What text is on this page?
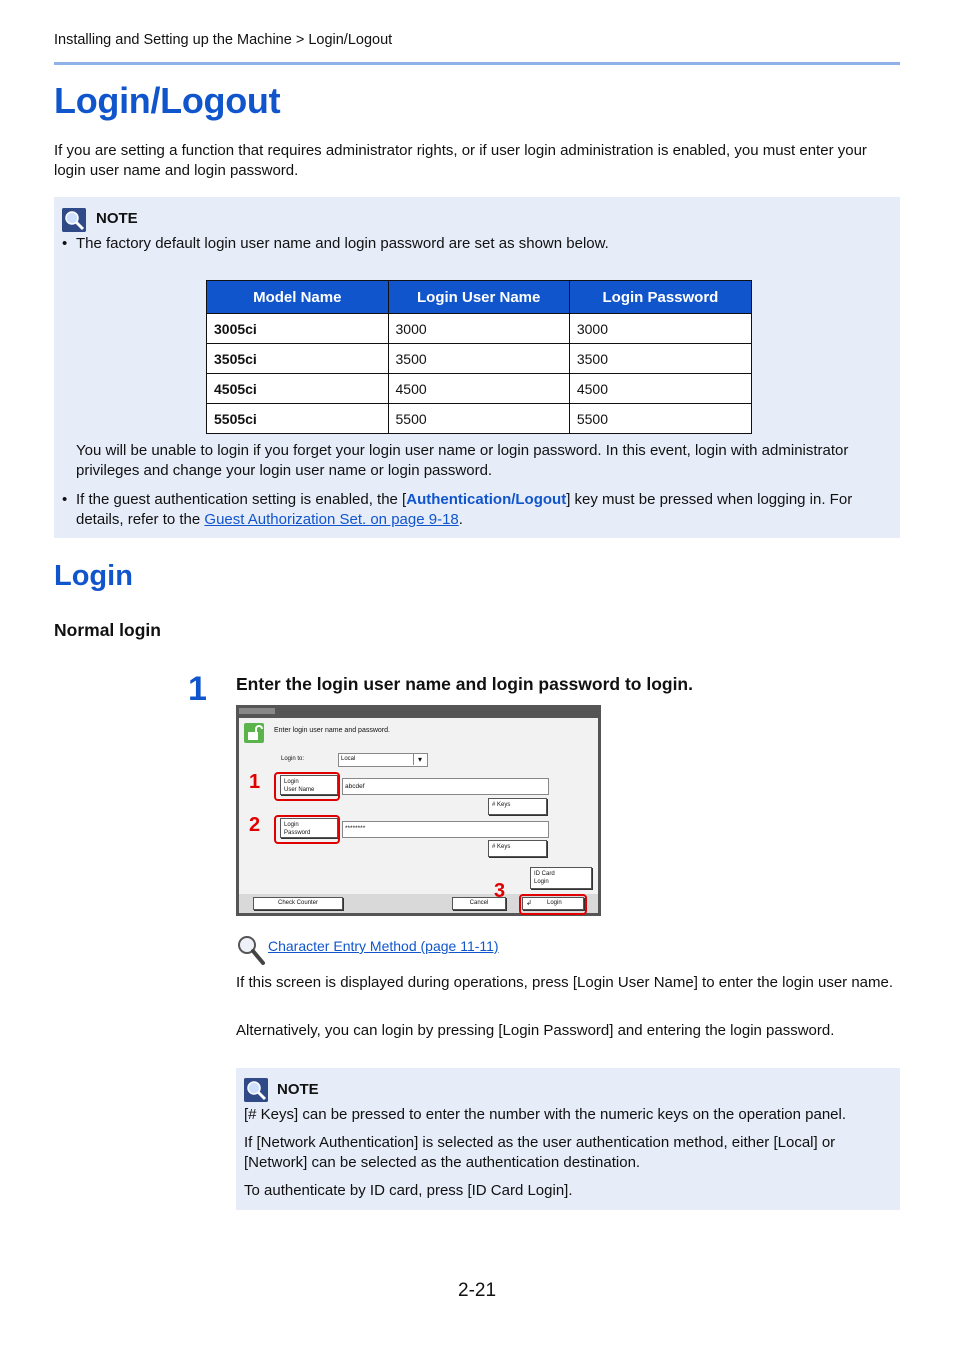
Installing and Setting up the Machine > Login/Logout
Login/Logout
If you are setting a function that requires administrator rights, or if user login administration is enabled, you must enter your login user name and login password.
NOTE
• The factory default login user name and login password are set as shown below.
Model Name	Login User Name	Login Password
3005ci	3000	3000
3505ci	3500	3500
4505ci	4500	4500
5505ci	5500	5500
You will be unable to login if you forget your login user name or login password. In this event, login with administrator privileges and change your login user name or login password.
• If the guest authentication setting is enabled, the [Authentication/Logout] key must be pressed when logging in. For details, refer to the Guest Authorization Set. on page 9-18.
Login
Normal login
1 Enter the login user name and login password to login.
Enter login user name and password.
Login to:	Local	▾
Login
User Name	abcdef
# Keys
Login
Password
********
# Keys
ID Card
Login
Check Counter	Cancel	↲	Login
1
2
3
Character Entry Method (page 11-11)
If this screen is displayed during operations, press [Login User Name] to enter the login user name.
Alternatively, you can login by pressing [Login Password] and entering the login password.
NOTE
[# Keys] can be pressed to enter the number with the numeric keys on the operation panel.
If [Network Authentication] is selected as the user authentication method, either [Local] or [Network] can be selected as the authentication destination.
To authenticate by ID card, press [ID Card Login].
2-21
